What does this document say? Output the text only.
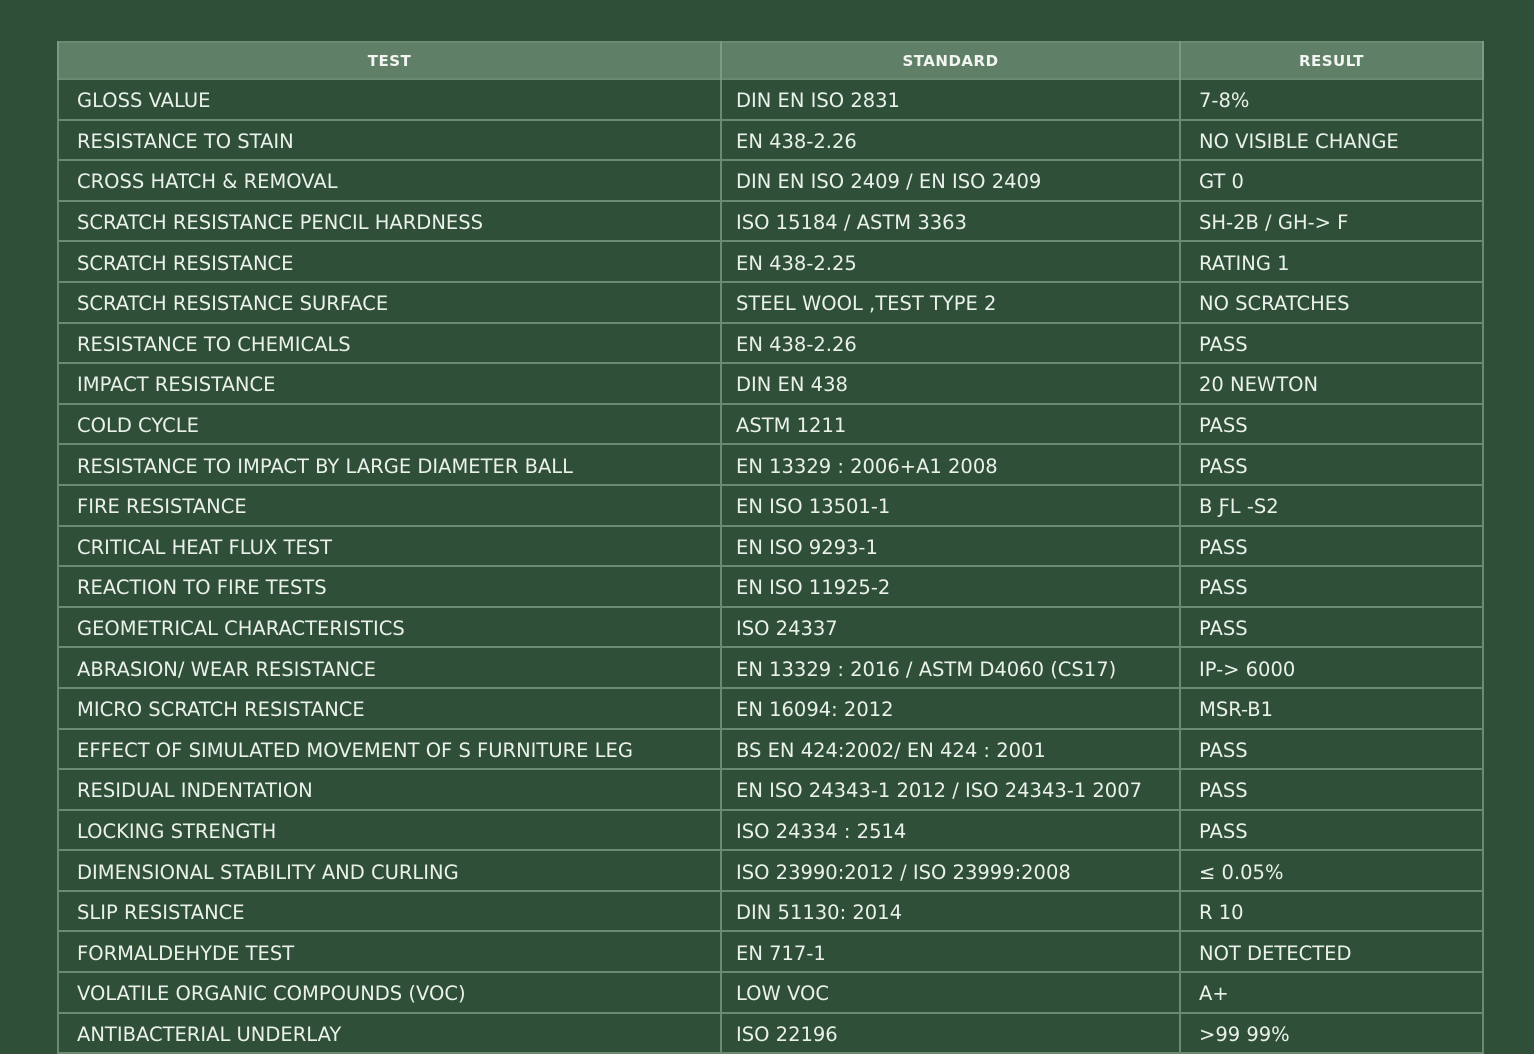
TEST	STANDARD	RESULT
GLOSS VALUE	DIN EN ISO 2831	7-8%
RESISTANCE TO STAIN	EN 438-2.26	NO VISIBLE CHANGE
CROSS HATCH & REMOVAL	DIN EN ISO 2409 / EN ISO 2409	GT 0
SCRATCH RESISTANCE PENCIL HARDNESS	ISO 15184 / ASTM 3363	SH-2B / GH-> F
SCRATCH RESISTANCE	EN 438-2.25	RATING 1
SCRATCH RESISTANCE SURFACE	STEEL WOOL ,TEST TYPE 2	NO SCRATCHES
RESISTANCE TO CHEMICALS	EN 438-2.26	PASS
IMPACT RESISTANCE	DIN EN 438	20 NEWTON
COLD CYCLE	ASTM 1211	PASS
RESISTANCE TO IMPACT BY LARGE DIAMETER BALL	EN 13329 : 2006+A1 2008	PASS
FIRE RESISTANCE	EN ISO 13501-1	B ƑL -S2
CRITICAL HEAT FLUX TEST	EN ISO 9293-1	PASS
REACTION TO FIRE TESTS	EN ISO 11925-2	PASS
GEOMETRICAL CHARACTERISTICS	ISO 24337	PASS
ABRASION/ WEAR RESISTANCE	EN 13329 : 2016 / ASTM D4060 (CS17)	IP-> 6000
MICRO SCRATCH RESISTANCE	EN 16094: 2012	MSR-B1
EFFECT OF SIMULATED MOVEMENT OF S FURNITURE LEG	BS EN 424:2002/ EN 424 : 2001	PASS
RESIDUAL INDENTATION	EN ISO 24343-1 2012 / ISO 24343-1 2007	PASS
LOCKING STRENGTH	ISO 24334 : 2514	PASS
DIMENSIONAL STABILITY AND CURLING	ISO 23990:2012 / ISO 23999:2008	≤ 0.05%
SLIP RESISTANCE	DIN 51130: 2014	R 10
FORMALDEHYDE TEST	EN 717-1	NOT DETECTED
VOLATILE ORGANIC COMPOUNDS (VOC)	LOW VOC	A+
ANTIBACTERIAL UNDERLAY	ISO 22196	>99 99%
